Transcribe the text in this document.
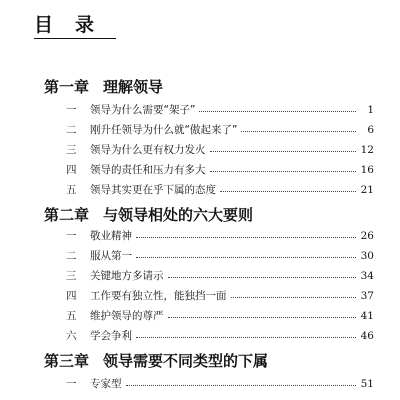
目录
第一章 理解领导
一	领导为什么需要“架子”	1
二	刚升任领导为什么就“傲起来了”	6
三	领导为什么更有权力发火	12
四	领导的责任和压力有多大	16
五	领导其实更在乎下属的态度	21
第二章 与领导相处的六大要则
一	敬业精神	26
二	服从第一	30
三	关键地方多请示	34
四	工作要有独立性，能独挡一面	37
五	维护领导的尊严	41
六	学会争利	46
第三章 领导需要不同类型的下属
一	专家型	51
